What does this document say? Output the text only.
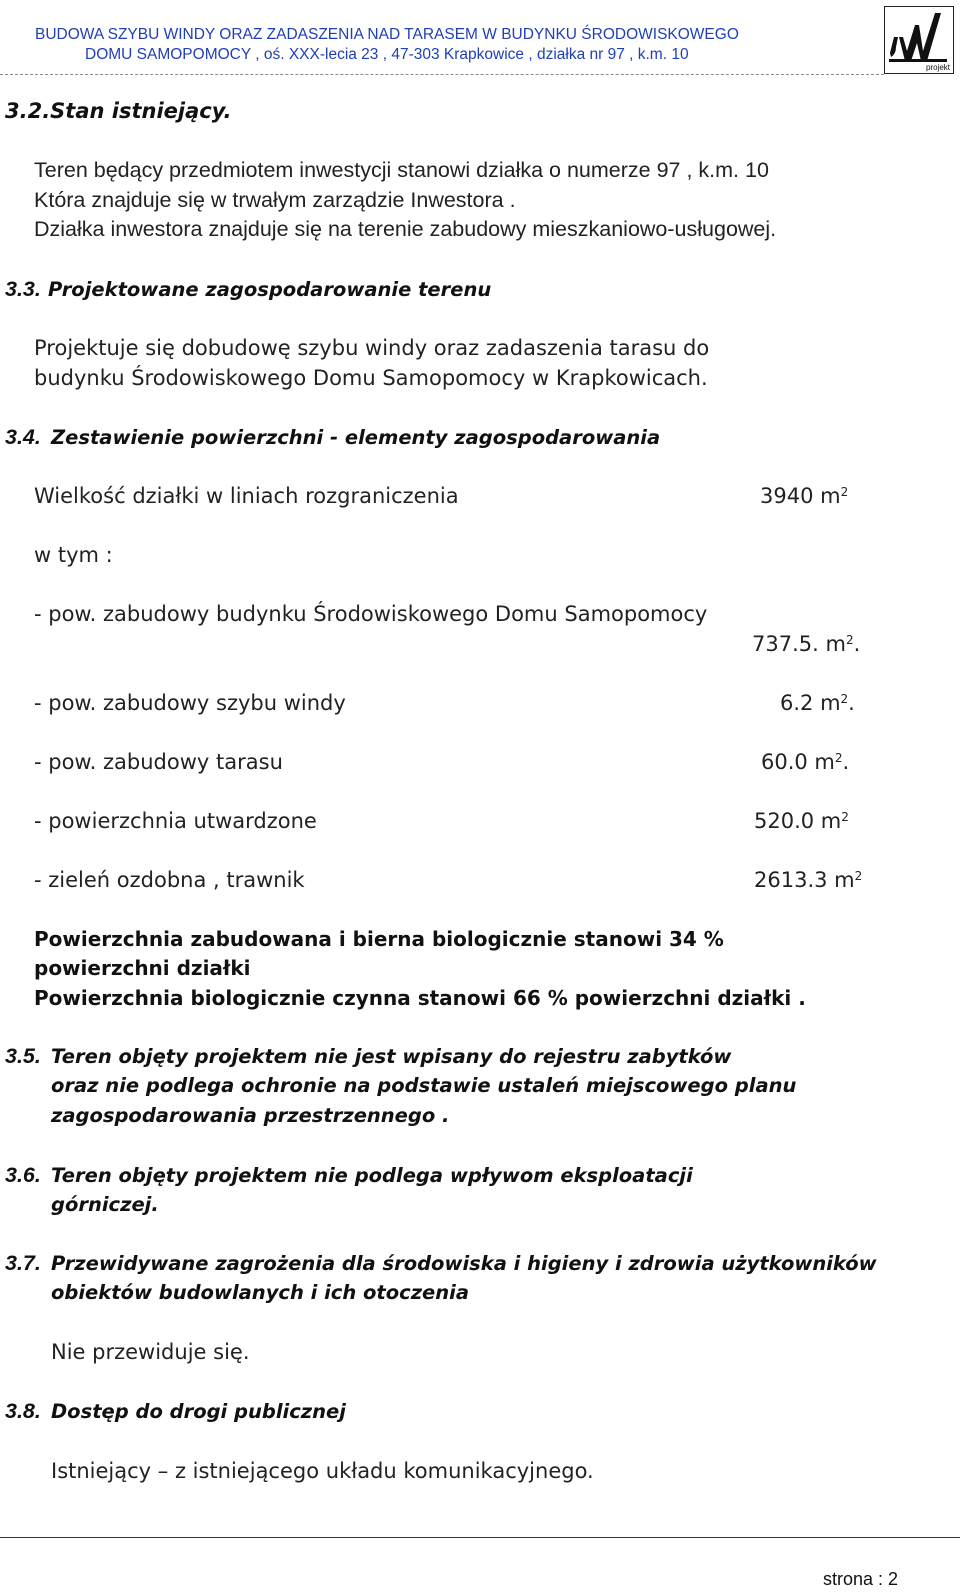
BUDOWA SZYBU WINDY ORAZ ZADASZENIA NAD TARASEM W BUDYNKU ŚRODOWISKOWEGO
DOMU SAMOPOMOCY , oś. XXX-lecia 23 , 47-303 Krapkowice , działka nr 97 , k.m. 10
projekt
3.2.Stan istniejący.
Teren będący przedmiotem inwestycji stanowi działka o numerze 97 , k.m. 10
Która znajduje się w trwałym zarządzie Inwestora .
Działka inwestora znajduje się na terenie zabudowy mieszkaniowo-usługowej.
3.3. Projektowane zagospodarowanie terenu
Projektuje się dobudowę szybu windy oraz zadaszenia tarasu do
budynku Środowiskowego Domu Samopomocy w Krapkowicach.
3.4. Zestawienie powierzchni - elementy zagospodarowania
Wielkość działki w liniach rozgraniczenia	3940 $m^2$
w tym :
- pow. zabudowy budynku Środowiskowego Domu Samopomocy
737.5. $m^2$.
- pow. zabudowy szybu windy	6.2 $m^2$.
- pow. zabudowy tarasu	60.0 $m^2$.
- powierzchnia utwardzone	520.0 $m^2$
- zieleń ozdobna , trawnik	2613.3 $m^2$
Powierzchnia zabudowana i bierna biologicznie stanowi 34 %
powierzchni działki
Powierzchnia biologicznie czynna stanowi 66 % powierzchni działki .
3.5. Teren objęty projektem nie jest wpisany do rejestru zabytków
oraz nie podlega ochronie na podstawie ustaleń miejscowego planu
zagospodarowania przestrzennego .
3.6. Teren objęty projektem nie podlega wpływom eksploatacji
górniczej.
3.7. Przewidywane zagrożenia dla środowiska i higieny i zdrowia użytkowników
obiektów budowlanych i ich otoczenia
Nie przewiduje się.
3.8. Dostęp do drogi publicznej
Istniejący – z istniejącego układu komunikacyjnego.
strona : 2
